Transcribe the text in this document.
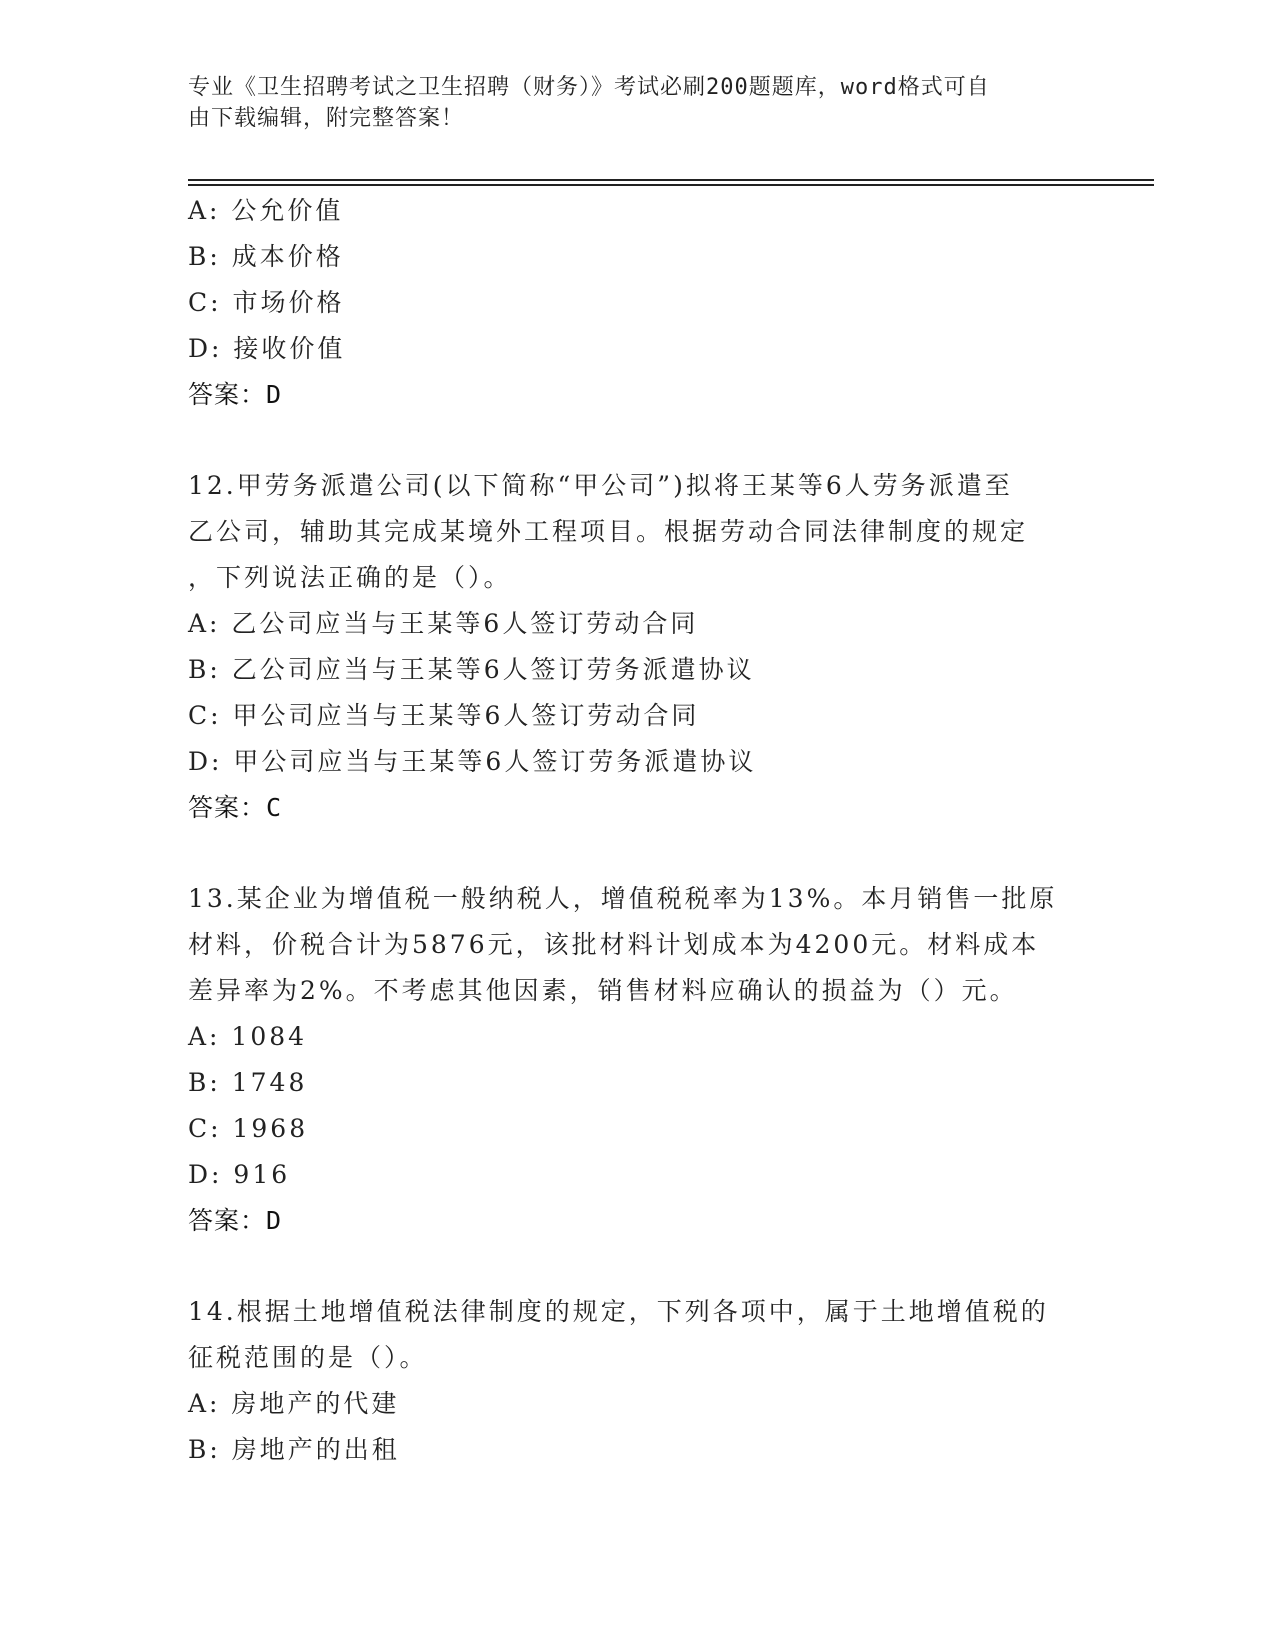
专业《卫生招聘考试之卫生招聘（财务）》考试必刷200题题库，word格式可自
由下载编辑，附完整答案！
A: 公允价值
B: 成本价格
C: 市场价格
D: 接收价值
答案：D
12.甲劳务派遣公司(以下简称“甲公司”)拟将王某等6人劳务派遣至
乙公司，辅助其完成某境外工程项目。根据劳动合同法律制度的规定
，下列说法正确的是（）。
A: 乙公司应当与王某等6人签订劳动合同
B: 乙公司应当与王某等6人签订劳务派遣协议
C: 甲公司应当与王某等6人签订劳动合同
D: 甲公司应当与王某等6人签订劳务派遣协议
答案：C
13.某企业为增值税一般纳税人，增值税税率为13%。本月销售一批原
材料，价税合计为5876元，该批材料计划成本为4200元。材料成本
差异率为2%。不考虑其他因素，销售材料应确认的损益为（）元。
A: 1084
B: 1748
C: 1968
D: 916
答案：D
14.根据土地增值税法律制度的规定，下列各项中，属于土地增值税的
征税范围的是（）。
A: 房地产的代建
B: 房地产的出租
